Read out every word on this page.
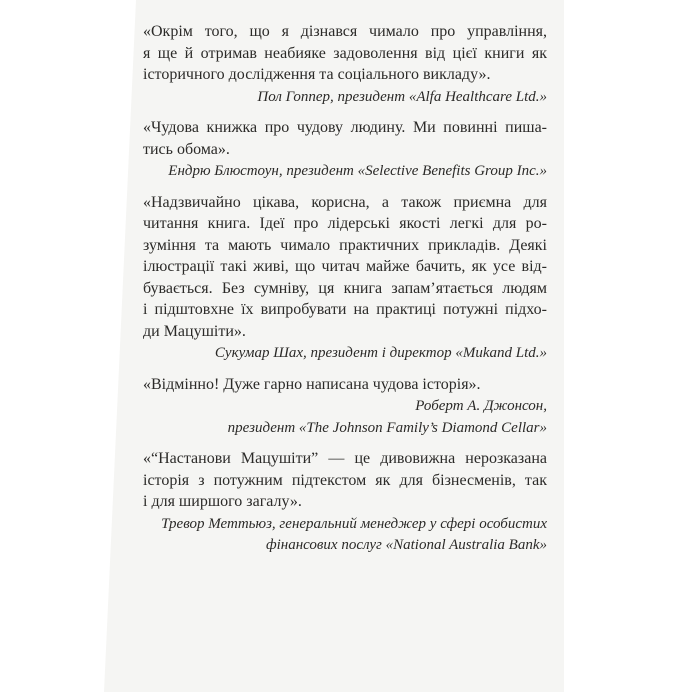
«Окрім того, що я дізнався чимало про управління,
я ще й отримав неабияке задоволення від цієї книги як
історичного дослідження та соціального викладу».
Пол Гоппер, президент «Alfa Healthcare Ltd.»
«Чудова книжка про чудову людину. Ми повинні пиша-
тись обома».
Ендрю Блюстоун, президент «Selective Benefits Group Inc.»
«Надзвичайно цікава, корисна, а також приємна для
читання книга. Ідеї про лідерські якості легкі для ро-
зуміння та мають чимало практичних прикладів. Деякі
ілюстрації такі живі, що читач майже бачить, як усе від-
бувається. Без сумніву, ця книга запам’ятається людям
і підштовхне їх випробувати на практиці потужні підхо-
ди Мацушіти».
Сукумар Шах, президент і директор «Mukand Ltd.»
«Відмінно! Дуже гарно написана чудова історія».
Роберт А. Джонсон,
президент «The Johnson Family’s Diamond Cellar»
«“Настанови Мацушіти” — це дивовижна нерозказана
історія з потужним підтекстом як для бізнесменів, так
і для ширшого загалу».
Тревор Меттьюз, генеральний менеджер у сфері особистих
фінансових послуг «National Australia Bank»
